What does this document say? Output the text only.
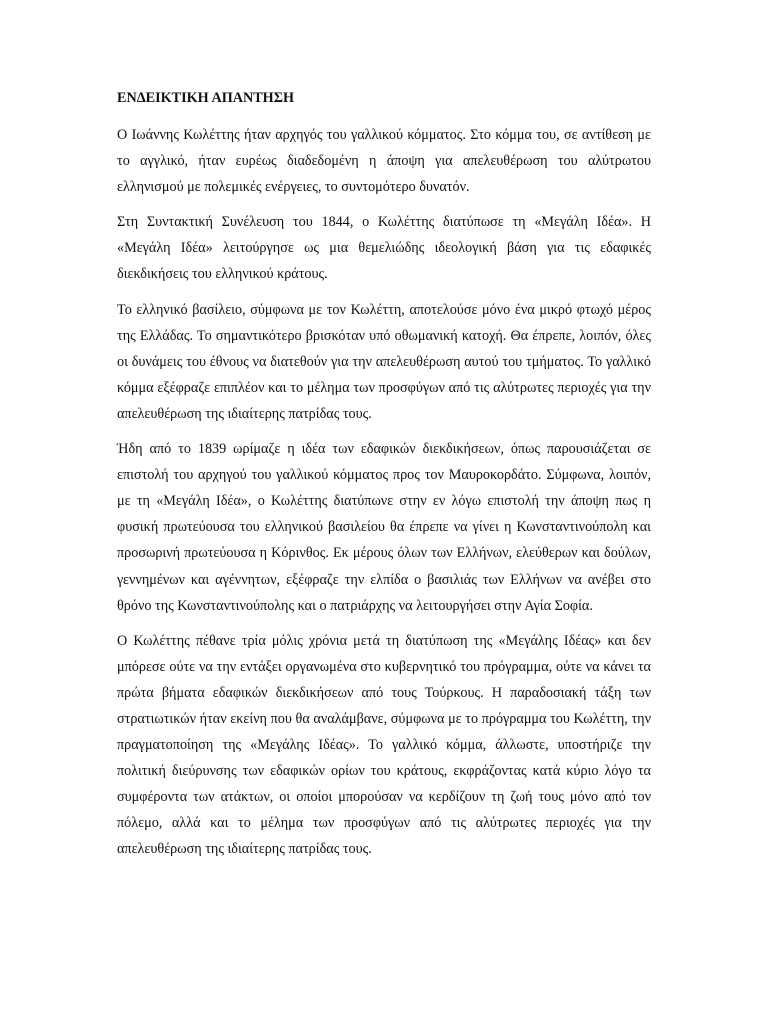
ΕΝΔΕΙΚΤΙΚΗ ΑΠΑΝΤΗΣΗ

Ο Ιωάννης Κωλέττης ήταν αρχηγός του γαλλικού κόμματος. Στο κόμμα του, σε αντίθεση με το αγγλικό, ήταν ευρέως διαδεδομένη η άποψη για απελευθέρωση του αλύτρωτου ελληνισμού με πολεμικές ενέργειες, το συντομότερο δυνατόν.

Στη Συντακτική Συνέλευση του 1844, ο Κωλέττης διατύπωσε τη «Μεγάλη Ιδέα». Η «Μεγάλη Ιδέα» λειτούργησε ως μια θεμελιώδης ιδεολογική βάση για τις εδαφικές διεκδικήσεις του ελληνικού κράτους.

Το ελληνικό βασίλειο, σύμφωνα με τον Κωλέττη, αποτελούσε μόνο ένα μικρό φτωχό μέρος της Ελλάδας. Το σημαντικότερο βρισκόταν υπό οθωμανική κατοχή. Θα έπρεπε, λοιπόν, όλες οι δυνάμεις του έθνους να διατεθούν για την απελευθέρωση αυτού του τμήματος. Το γαλλικό κόμμα εξέφραζε επιπλέον και το μέλημα των προσφύγων από τις αλύτρωτες περιοχές για την απελευθέρωση της ιδιαίτερης πατρίδας τους.

Ήδη από το 1839 ωρίμαζε η ιδέα των εδαφικών διεκδικήσεων, όπως παρουσιάζεται σε επιστολή του αρχηγού του γαλλικού κόμματος προς τον Μαυροκορδάτο. Σύμφωνα, λοιπόν, με τη «Μεγάλη Ιδέα», ο Κωλέττης διατύπωνε στην εν λόγω επιστολή την άποψη πως η φυσική πρωτεύουσα του ελληνικού βασιλείου θα έπρεπε να γίνει η Κωνσταντινούπολη και προσωρινή πρωτεύουσα η Κόρινθος. Εκ μέρους όλων των Ελλήνων, ελεύθερων και δούλων, γεννημένων και αγέννητων, εξέφραζε την ελπίδα ο βασιλιάς των Ελλήνων να ανέβει στο θρόνο της Κωνσταντινούπολης και ο πατριάρχης να λειτουργήσει στην Αγία Σοφία.

Ο Κωλέττης πέθανε τρία μόλις χρόνια μετά τη διατύπωση της «Μεγάλης Ιδέας» και δεν μπόρεσε ούτε να την εντάξει οργανωμένα στο κυβερνητικό του πρόγραμμα, ούτε να κάνει τα πρώτα βήματα εδαφικών διεκδικήσεων από τους Τούρκους. Η παραδοσιακή τάξη των στρατιωτικών ήταν εκείνη που θα αναλάμβανε, σύμφωνα με το πρόγραμμα του Κωλέττη, την πραγματοποίηση της «Μεγάλης Ιδέας». Το γαλλικό κόμμα, άλλωστε, υποστήριζε την πολιτική διεύρυνσης των εδαφικών ορίων του κράτους, εκφράζοντας κατά κύριο λόγο τα συμφέροντα των ατάκτων, οι οποίοι μπορούσαν να κερδίζουν τη ζωή τους μόνο από τον πόλεμο, αλλά και το μέλημα των προσφύγων από τις αλύτρωτες περιοχές για την απελευθέρωση της ιδιαίτερης πατρίδας τους.
